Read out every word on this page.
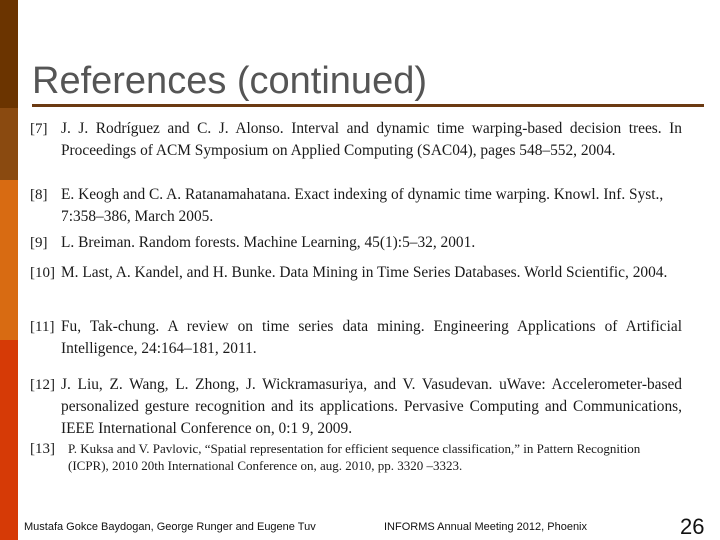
References (continued)
[7] J. J. Rodríguez and C. J. Alonso. Interval and dynamic time warping-based decision trees. In Proceedings of ACM Symposium on Applied Computing (SAC04), pages 548–552, 2004.

[8] E. Keogh and C. A. Ratanamahatana. Exact indexing of dynamic time warping. Knowl. Inf. Syst., 7:358–386, March 2005.

[9] L. Breiman. Random forests. Machine Learning, 45(1):5–32, 2001.

[10] M. Last, A. Kandel, and H. Bunke. Data Mining in Time Series Databases. World Scientific, 2004.

[11] Fu, Tak-chung. A review on time series data mining. Engineering Applications of Artificial Intelligence, 24:164–181, 2011.

[12] J. Liu, Z. Wang, L. Zhong, J. Wickramasuriya, and V. Vasudevan. uWave: Accelerometer-based personalized gesture recognition and its applications. Pervasive Computing and Communications, IEEE International Conference on, 0:1 9, 2009.

[13] P. Kuksa and V. Pavlovic, “Spatial representation for efficient sequence classification,” in Pattern Recognition (ICPR), 2010 20th International Conference on, aug. 2010, pp. 3320 –3323.

Mustafa Gokce Baydogan, George Runger and Eugene Tuv	INFORMS Annual Meeting 2012, Phoenix	26
